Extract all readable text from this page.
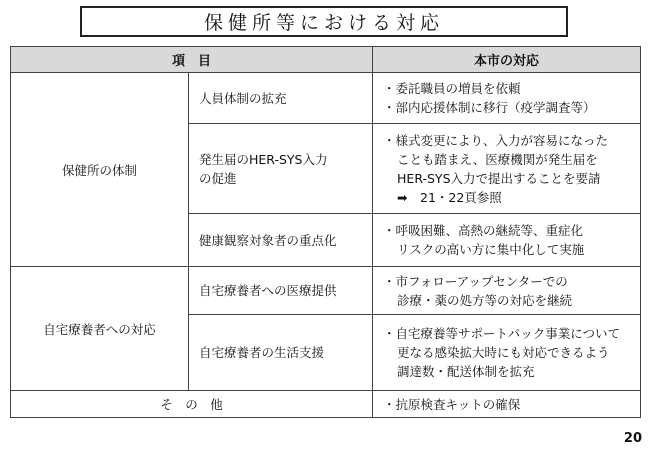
保健所等における対応
項　目		本市の対応
保健所の体制	人員体制の拡充	・委託職員の増員を依頼
・部内応援体制に移行（疫学調査等）

	発生届のHER-SYS入力
の促進	・様式変更により、入力が容易になった
ことも踏まえ、医療機関が発生届を
HER-SYS入力で提出することを要請
➡　21・22頁参照

	健康観察対象者の重点化	・呼吸困難、高熱の継続等、重症化
リスクの高い方に集中化して実施

自宅療養者への対応	自宅療養者への医療提供	・市フォローアップセンターでの
診療・薬の処方等の対応を継続

	自宅療養者の生活支援	・自宅療養等サポートパック事業について
更なる感染拡大時にも対応できるよう
調達数・配送体制を拡充

そ　の　他		・抗原検査キットの確保
20
